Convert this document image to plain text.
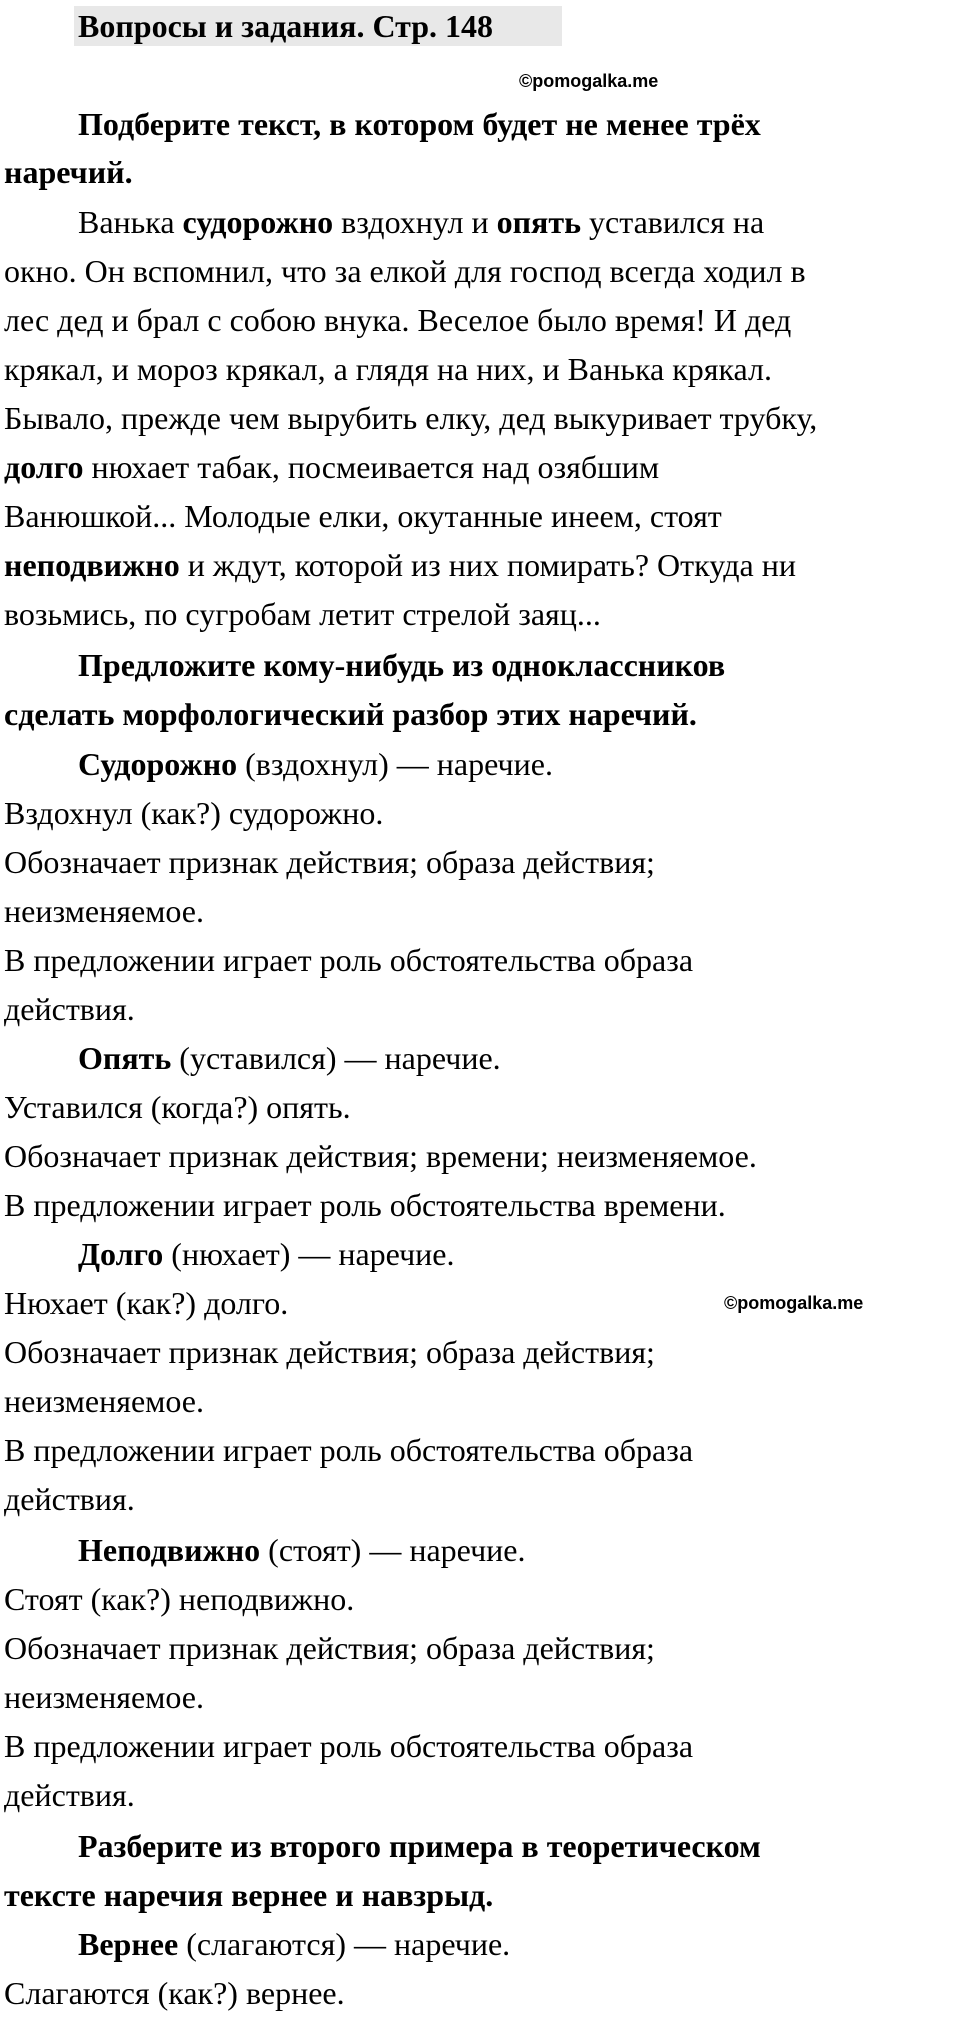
Вопросы и задания. Стр. 148
©pomogalka.me
Подберите текст, в котором будет не менее трёх
наречий.
Ванька судорожно вздохнул и опять уставился на
окно. Он вспомнил, что за елкой для господ всегда ходил в
лес дед и брал с собою внука. Веселое было время! И дед
крякал, и мороз крякал, а глядя на них, и Ванька крякал.
Бывало, прежде чем вырубить елку, дед выкуривает трубку,
долго нюхает табак, посмеивается над озябшим
Ванюшкой... Молодые елки, окутанные инеем, стоят
неподвижно и ждут, которой из них помирать? Откуда ни
возьмись, по сугробам летит стрелой заяц...
Предложите кому-нибудь из одноклассников
сделать морфологический разбор этих наречий.
Судорожно (вздохнул) — наречие.
Вздохнул (как?) судорожно.
Обозначает признак действия; образа действия;
неизменяемое.
В предложении играет роль обстоятельства образа
действия.
Опять (уставился) — наречие.
Уставился (когда?) опять.
Обозначает признак действия; времени; неизменяемое.
В предложении играет роль обстоятельства времени.
Долго (нюхает) — наречие.
Нюхает (как?) долго.	©pomogalka.me
Обозначает признак действия; образа действия;
неизменяемое.
В предложении играет роль обстоятельства образа
действия.
Неподвижно (стоят) — наречие.
Стоят (как?) неподвижно.
Обозначает признак действия; образа действия;
неизменяемое.
В предложении играет роль обстоятельства образа
действия.
Разберите из второго примера в теоретическом
тексте наречия вернее и навзрыд.
Вернее (слагаются) — наречие.
Слагаются (как?) вернее.
